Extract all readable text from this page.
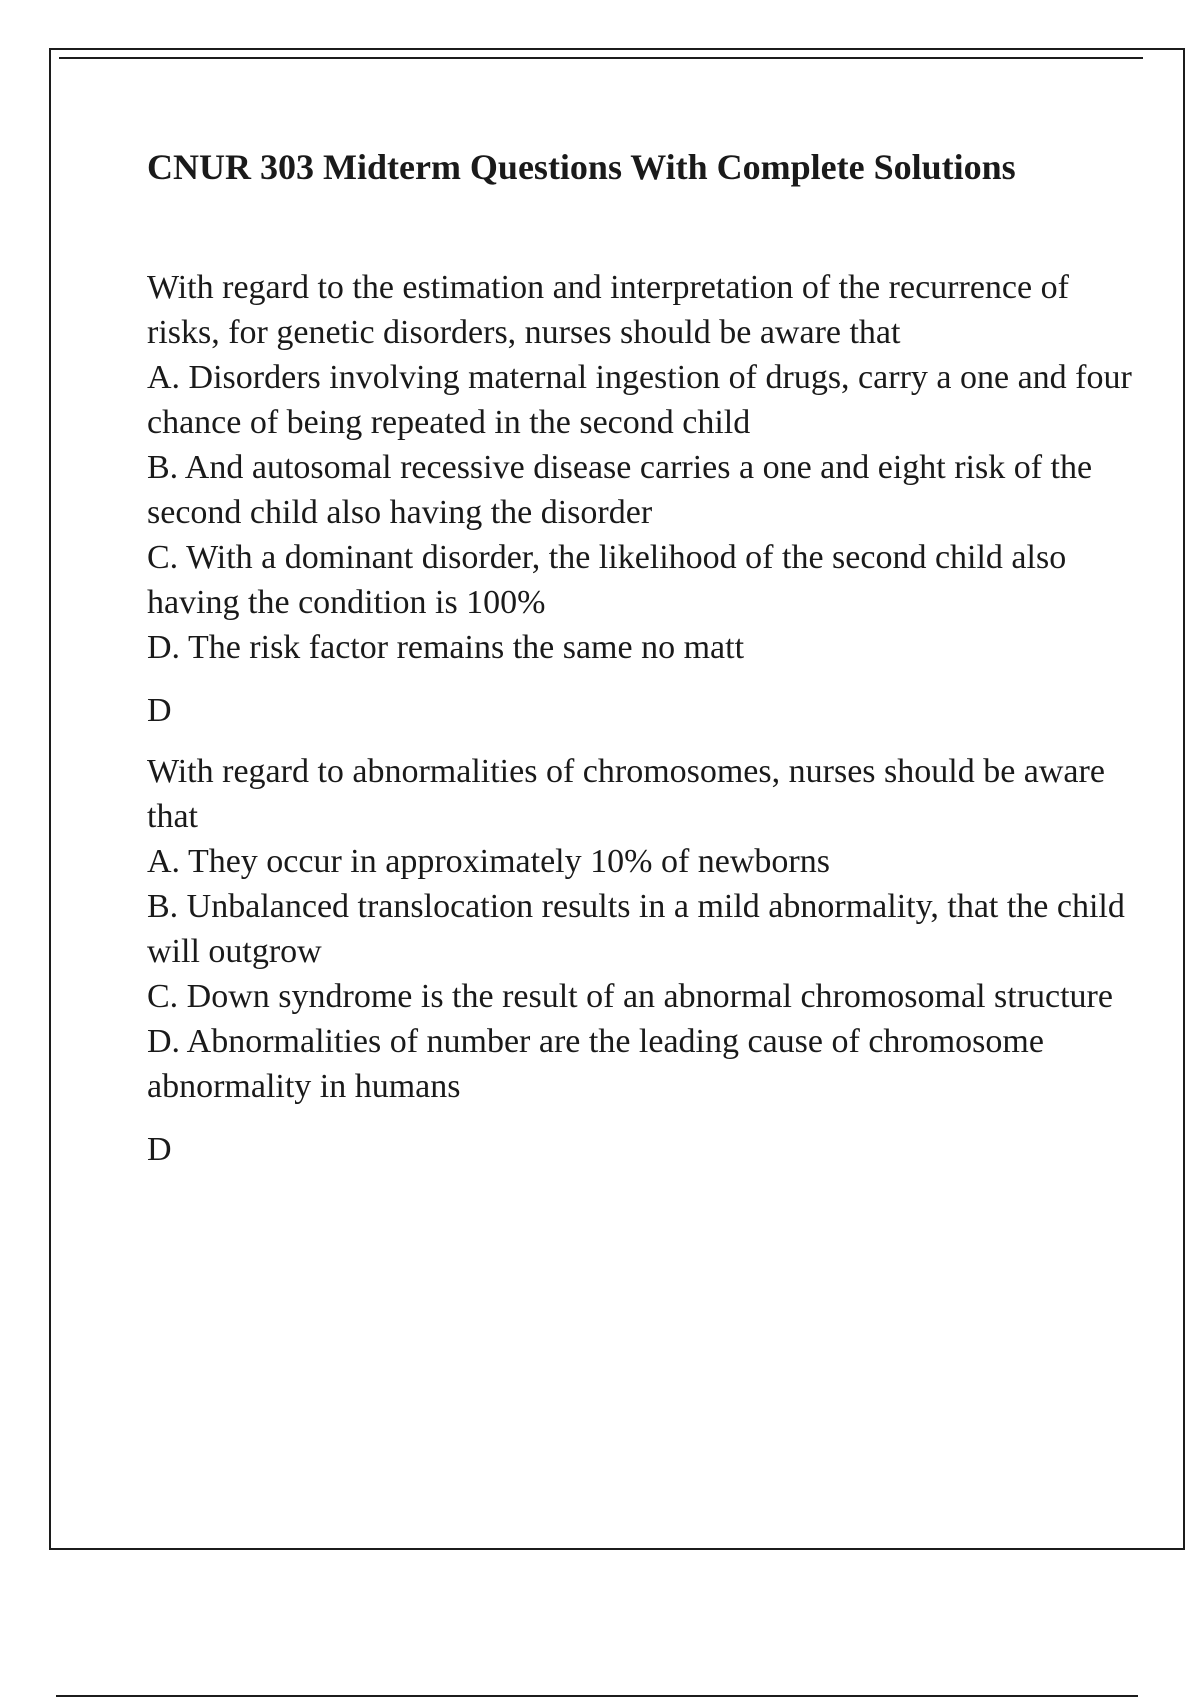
CNUR 303 Midterm Questions With Complete Solutions

With regard to the estimation and interpretation of the recurrence of risks, for genetic disorders, nurses should be aware that

A. Disorders involving maternal ingestion of drugs, carry a one and four chance of being repeated in the second child

B. And autosomal recessive disease carries a one and eight risk of the second child also having the disorder

C. With a dominant disorder, the likelihood of the second child also having the condition is 100%

D. The risk factor remains the same no matt

D

With regard to abnormalities of chromosomes, nurses should be aware that

A. They occur in approximately 10% of newborns

B. Unbalanced translocation results in a mild abnormality, that the child will outgrow

C. Down syndrome is the result of an abnormal chromosomal structure

D. Abnormalities of number are the leading cause of chromosome abnormality in humans

D
